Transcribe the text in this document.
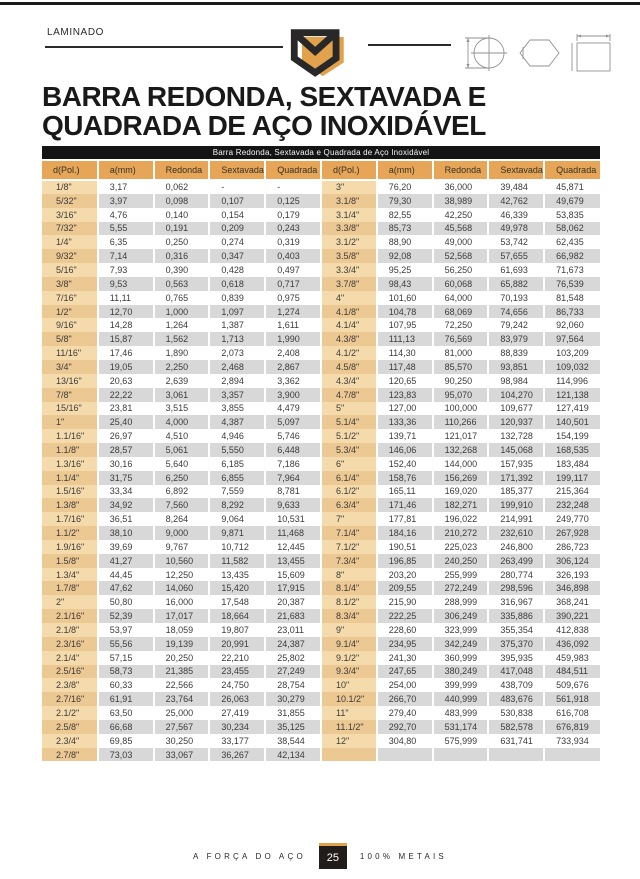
LAMINADO
BARRA REDONDA, SEXTAVADA E
QUADRADA DE AÇO INOXIDÁVEL
Barra Redonda, Sextavada e Quadrada de Aço Inoxidável
d(Pol.)	a(mm)	Redonda	Sextavada	Quadrada	d(Pol.)	a(mm)	Redonda	Sextavada	Quadrada
1/8"	3,17	0,062	-	-	3"	76,20	36,000	39,484	45,871
5/32"	3,97	0,098	0,107	0,125	3.1/8"	79,30	38,989	42,762	49,679
3/16"	4,76	0,140	0,154	0,179	3.1/4"	82,55	42,250	46,339	53,835
7/32"	5,55	0,191	0,209	0,243	3.3/8"	85,73	45,568	49,978	58,062
1/4"	6,35	0,250	0,274	0,319	3.1/2"	88,90	49,000	53,742	62,435
9/32"	7,14	0,316	0,347	0,403	3.5/8"	92,08	52,568	57,655	66,982
5/16"	7,93	0,390	0,428	0,497	3.3/4"	95,25	56,250	61,693	71,673
3/8"	9,53	0,563	0,618	0,717	3.7/8"	98,43	60,068	65,882	76,539
7/16"	11,11	0,765	0,839	0,975	4"	101,60	64,000	70,193	81,548
1/2"	12,70	1,000	1,097	1,274	4.1/8"	104,78	68,069	74,656	86,733
9/16"	14,28	1,264	1,387	1,611	4.1/4"	107,95	72,250	79,242	92,060
5/8"	15,87	1,562	1,713	1,990	4.3/8"	111,13	76,569	83,979	97,564
11/16"	17,46	1,890	2,073	2,408	4.1/2"	114,30	81,000	88,839	103,209
3/4"	19,05	2,250	2,468	2,867	4.5/8"	117,48	85,570	93,851	109,032
13/16"	20,63	2,639	2,894	3,362	4.3/4"	120,65	90,250	98,984	114,996
7/8"	22,22	3,061	3,357	3,900	4.7/8"	123,83	95,070	104,270	121,138
15/16"	23,81	3,515	3,855	4,479	5"	127,00	100,000	109,677	127,419
1"	25,40	4,000	4,387	5,097	5.1/4"	133,36	110,266	120,937	140,501
1.1/16"	26,97	4,510	4,946	5,746	5.1/2"	139,71	121,017	132,728	154,199
1.1/8"	28,57	5,061	5,550	6,448	5.3/4"	146,06	132,268	145,068	168,535
1.3/16"	30,16	5,640	6,185	7,186	6"	152,40	144,000	157,935	183,484
1.1/4"	31,75	6,250	6,855	7,964	6.1/4"	158,76	156,269	171,392	199,117
1.5/16"	33,34	6,892	7,559	8,781	6.1/2"	165,11	169,020	185,377	215,364
1.3/8"	34,92	7,560	8,292	9,633	6.3/4"	171,46	182,271	199,910	232,248
1.7/16"	36,51	8,264	9,064	10,531	7"	177,81	196,022	214,991	249,770
1.1/2"	38,10	9,000	9,871	11,468	7.1/4"	184,16	210,272	232,610	267,928
1.9/16"	39,69	9,767	10,712	12,445	7.1/2"	190,51	225,023	246,800	286,723
1.5/8"	41,27	10,560	11,582	13,455	7.3/4"	196,85	240,250	263,499	306,124
1.3/4"	44,45	12,250	13,435	15,609	8"	203,20	255,999	280,774	326,193
1.7/8"	47,62	14,060	15,420	17,915	8.1/4"	209,55	272,249	298,596	346,898
2"	50,80	16,000	17,548	20,387	8.1/2"	215,90	288,999	316,967	368,241
2.1/16"	52,39	17,017	18,664	21,683	8.3/4"	222,25	306,249	335,886	390,221
2.1/8"	53,97	18,059	19,807	23,011	9"	228,60	323,999	355,354	412,838
2.3/16"	55,56	19,139	20,991	24,387	9.1/4"	234,95	342,249	375,370	436,092
2.1/4"	57,15	20,250	22,210	25,802	9.1/2"	241,30	360,999	395,935	459,983
2.5/16"	58,73	21,385	23,455	27,249	9.3/4"	247,65	380,249	417,048	484,511
2.3/8"	60,33	22,566	24,750	28,754	10"	254,00	399,999	438,709	509,676
2.7/16"	61,91	23,764	26,063	30,279	10.1/2"	266,70	440,999	483,676	561,918
2.1/2"	63,50	25,000	27,419	31,855	11"	279,40	483,999	530,838	616,708
2.5/8"	66,68	27,567	30,234	35,125	11.1/2"	292,70	531,174	582,578	676,819
2.3/4"	69,85	30,250	33,177	38,544	12"	304,80	575,999	631,741	733,934
2.7/8"	73,03	33,067	36,267	42,134					
A FORÇA DO AÇO	25	100% METAIS
